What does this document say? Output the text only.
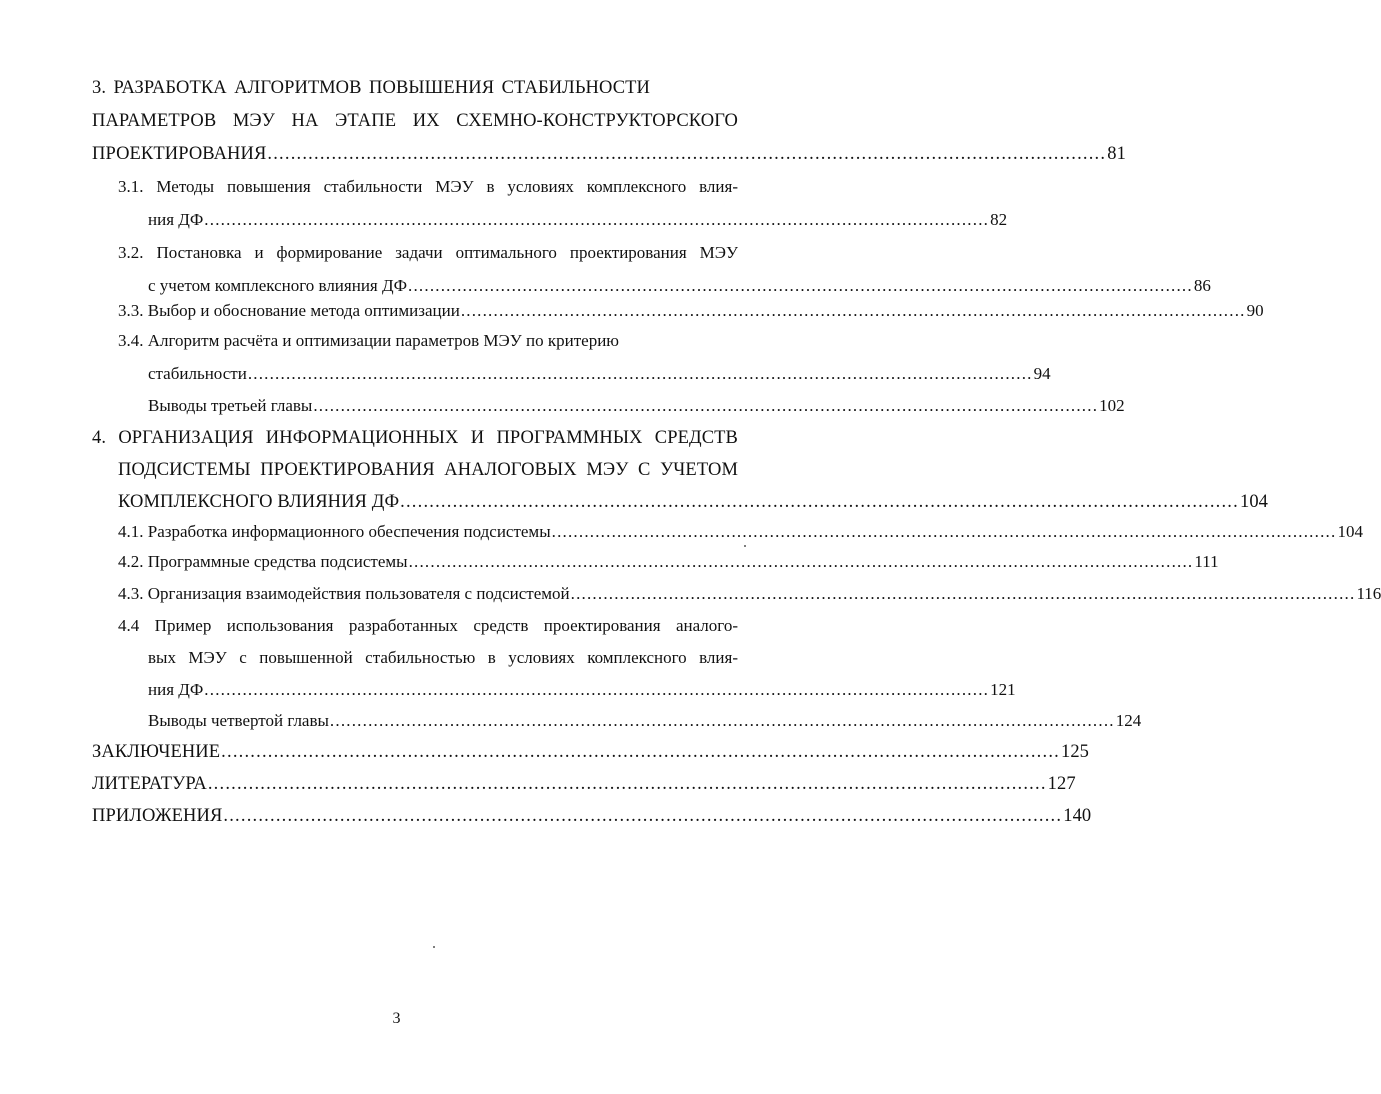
3. РАЗРАБОТКА АЛГОРИТМОВ ПОВЫШЕНИЯ СТАБИЛЬНОСТИ
ПАРАМЕТРОВ МЭУ НА ЭТАПЕ ИХ СХЕМНО-КОНСТРУКТОРСКОГО
ПРОЕКТИРОВАНИЯ ................................................................................................................................................ 81
3.1. Методы повышения стабильности МЭУ в условиях комплексного влия-
ния ДФ ................................................................................................................................................ 82
3.2. Постановка и формирование задачи оптимального проектирования МЭУ
с учетом комплексного влияния ДФ ................................................................................................................................................ 86
3.3. Выбор и обоснование метода оптимизации ................................................................................................................................................ 90
3.4. Алгоритм расчёта и оптимизации параметров МЭУ по критерию
стабильности ................................................................................................................................................ 94
Выводы третьей главы ................................................................................................................................................ 102
4. ОРГАНИЗАЦИЯ ИНФОРМАЦИОННЫХ И ПРОГРАММНЫХ СРЕДСТВ
ПОДСИСТЕМЫ ПРОЕКТИРОВАНИЯ АНАЛОГОВЫХ МЭУ С УЧЕТОМ
КОМПЛЕКСНОГО ВЛИЯНИЯ ДФ ................................................................................................................................................ 104
4.1. Разработка информационного обеспечения подсистемы ................................................................................................................................................ 104
4.2. Программные средства подсистемы ................................................................................................................................................ 111
4.3. Организация взаимодействия пользователя с подсистемой ................................................................................................................................................ 116
4.4 Пример использования разработанных средств проектирования аналого-
вых МЭУ с повышенной стабильностью в условиях комплексного влия-
ния ДФ ................................................................................................................................................ 121
Выводы четвертой главы ................................................................................................................................................ 124
ЗАКЛЮЧЕНИЕ ................................................................................................................................................ 125
ЛИТЕРАТУРА ................................................................................................................................................ 127
ПРИЛОЖЕНИЯ ................................................................................................................................................ 140
3
